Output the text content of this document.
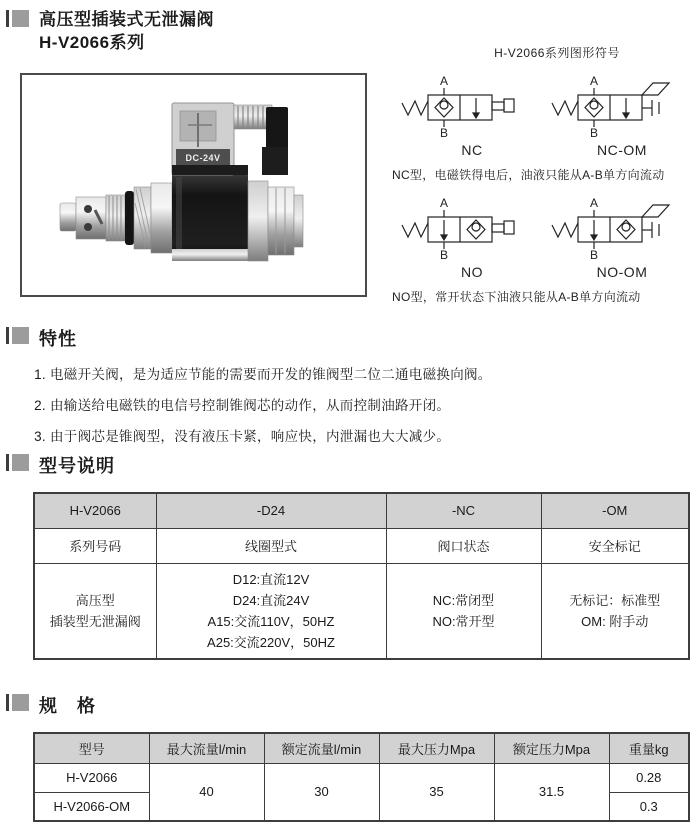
高压型插装式无泄漏阀
H-V2066系列
DC-24V
H-V2066系列图形符号
A
B
NC
A
B
NC-OM
NC型，电磁铁得电后，油液只能从A-B单方向流动
A
B
NO
A
B
NO-OM
NO型，常开状态下油液只能从A-B单方向流动
特性
1. 电磁开关阀，是为适应节能的需要而开发的锥阀型二位二通电磁换向阀。
2. 由输送给电磁铁的电信号控制锥阀芯的动作，从而控制油路开闭。
3. 由于阀芯是锥阀型，没有液压卡紧，响应快，内泄漏也大大减少。
型号说明
H-V2066	-D24	-NC	-OM
系列号码	线圈型式	阀口状态	安全标记

高压型
插装型无泄漏阀

D12:直流12V
D24:直流24V
A15:交流110V，50HZ
A25:交流220V，50HZ

NC:常闭型
NO:常开型

无标记：标准型
OM: 附手动
规　格
型号	最大流量l/min	额定流量l/min	最大压力Mpa	额定压力Mpa	重量kg
H-V2066	40	30	35	31.5	0.28
H-V2066-OM					0.3
